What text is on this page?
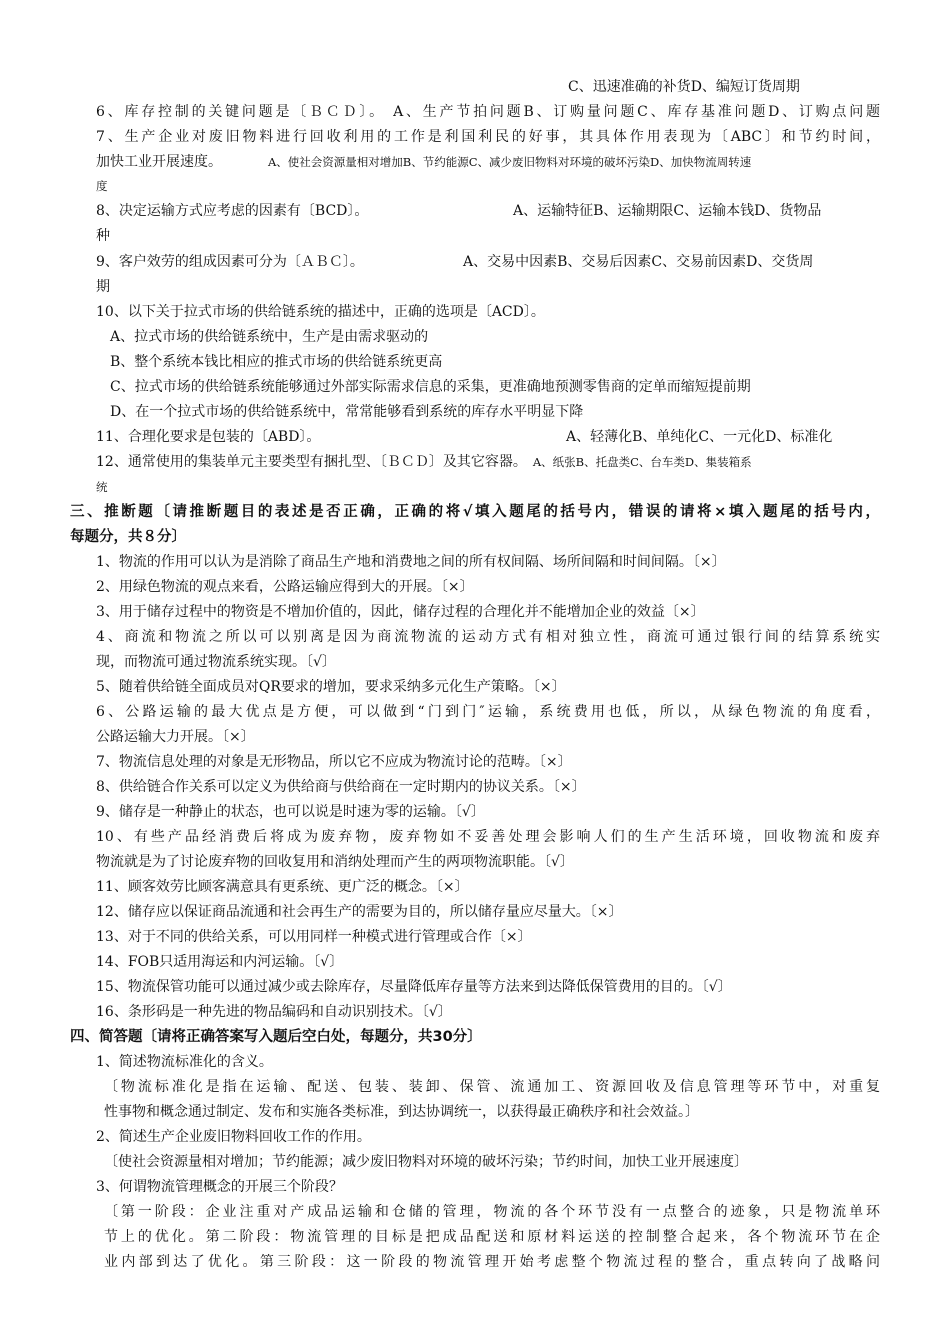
C、迅速准确的补货D、编短订货周期
6、库存控制的关键问题是〔ＢＣＤ〕。 A、生产节拍问题B、订购量问题C、库存基准问题D、订购点问题
7、生产企业对废旧物料进行回收利用的工作是利国利民的好事，其具体作用表现为〔ABC〕和节约时间，
加快工业开展速度。	A、使社会资源量相对增加B、节约能源C、减少废旧物料对环境的破坏污染D、加快物流周转速
度
8、决定运输方式应考虑的因素有〔BCD〕。	A、运输特征B、运输期限C、运输本钱D、货物品
种
9、客户效劳的组成因素可分为〔ＡＢＣ〕。	A、交易中因素B、交易后因素C、交易前因素D、交货周
期
10、以下关于拉式市场的供给链系统的描述中，正确的选项是〔ACD〕。
A、拉式市场的供给链系统中，生产是由需求驱动的
B、整个系统本钱比相应的推式市场的供给链系统更高
C、拉式市场的供给链系统能够通过外部实际需求信息的采集，更准确地预测零售商的定单而缩短提前期
D、在一个拉式市场的供给链系统中，常常能够看到系统的库存水平明显下降
11、合理化要求是包装的〔ABD〕。	A、轻薄化B、单纯化C、一元化D、标准化
12、通常使用的集装单元主要类型有捆扎型、〔ＢＣＤ〕及其它容器。 A、纸张B、托盘类C、台车类D、集装箱系
统
三、推断题〔请推断题目的表述是否正确，正确的将√填入题尾的括号内，错误的请将×填入题尾的括号内，
每题分，共８分〕
1、物流的作用可以认为是消除了商品生产地和消费地之间的所有权间隔、场所间隔和时间间隔。〔×〕
2、用绿色物流的观点来看，公路运输应得到大的开展。〔×〕
3、用于储存过程中的物资是不增加价值的，因此，储存过程的合理化并不能增加企业的效益〔×〕
4、商流和物流之所以可以别离是因为商流物流的运动方式有相对独立性，商流可通过银行间的结算系统实
现，而物流可通过物流系统实现。〔√〕
5、随着供给链全面成员对QR要求的增加，要求采纳多元化生产策略。〔×〕
6、公路运输的最大优点是方便，可以做到“门到门″运输，系统费用也低，所以，从绿色物流的角度看，
公路运输大力开展。〔×〕
7、物流信息处理的对象是无形物品，所以它不应成为物流讨论的范畴。〔×〕
8、供给链合作关系可以定义为供给商与供给商在一定时期内的协议关系。〔×〕
9、储存是一种静止的状态，也可以说是时速为零的运输。〔√〕
10、有些产品经消费后将成为废弃物，废弃物如不妥善处理会影响人们的生产生活环境，回收物流和废弃
物流就是为了讨论废弃物的回收复用和消纳处理而产生的两项物流职能。〔√〕
11、顾客效劳比顾客满意具有更系统、更广泛的概念。〔×〕
12、储存应以保证商品流通和社会再生产的需要为目的，所以储存量应尽量大。〔×〕
13、对于不同的供给关系，可以用同样一种模式进行管理或合作〔×〕
14、FOB只适用海运和内河运输。〔√〕
15、物流保管功能可以通过减少或去除库存，尽量降低库存量等方法来到达降低保管费用的目的。〔√〕
16、条形码是一种先进的物品编码和自动识别技术。〔√〕
四、简答题〔请将正确答案写入题后空白处，每题分，共30分〕
1、简述物流标准化的含义。
〔物流标准化是指在运输、配送、包装、装卸、保管、流通加工、资源回收及信息管理等环节中，对重复
性事物和概念通过制定、发布和实施各类标准，到达协调统一，以获得最正确秩序和社会效益。〕
2、简述生产企业废旧物料回收工作的作用。
〔使社会资源量相对增加；节约能源；减少废旧物料对环境的破坏污染；节约时间，加快工业开展速度〕
3、何谓物流管理概念的开展三个阶段？
〔第一阶段：企业注重对产成品运输和仓储的管理，物流的各个环节没有一点整合的迹象，只是物流单环
节上的优化。第二阶段：物流管理的目标是把成品配送和原材料运送的控制整合起来，各个物流环节在企
业内部到达了优化。第三阶段：这一阶段的物流管理开始考虑整个物流过程的整合，重点转向了战略问
